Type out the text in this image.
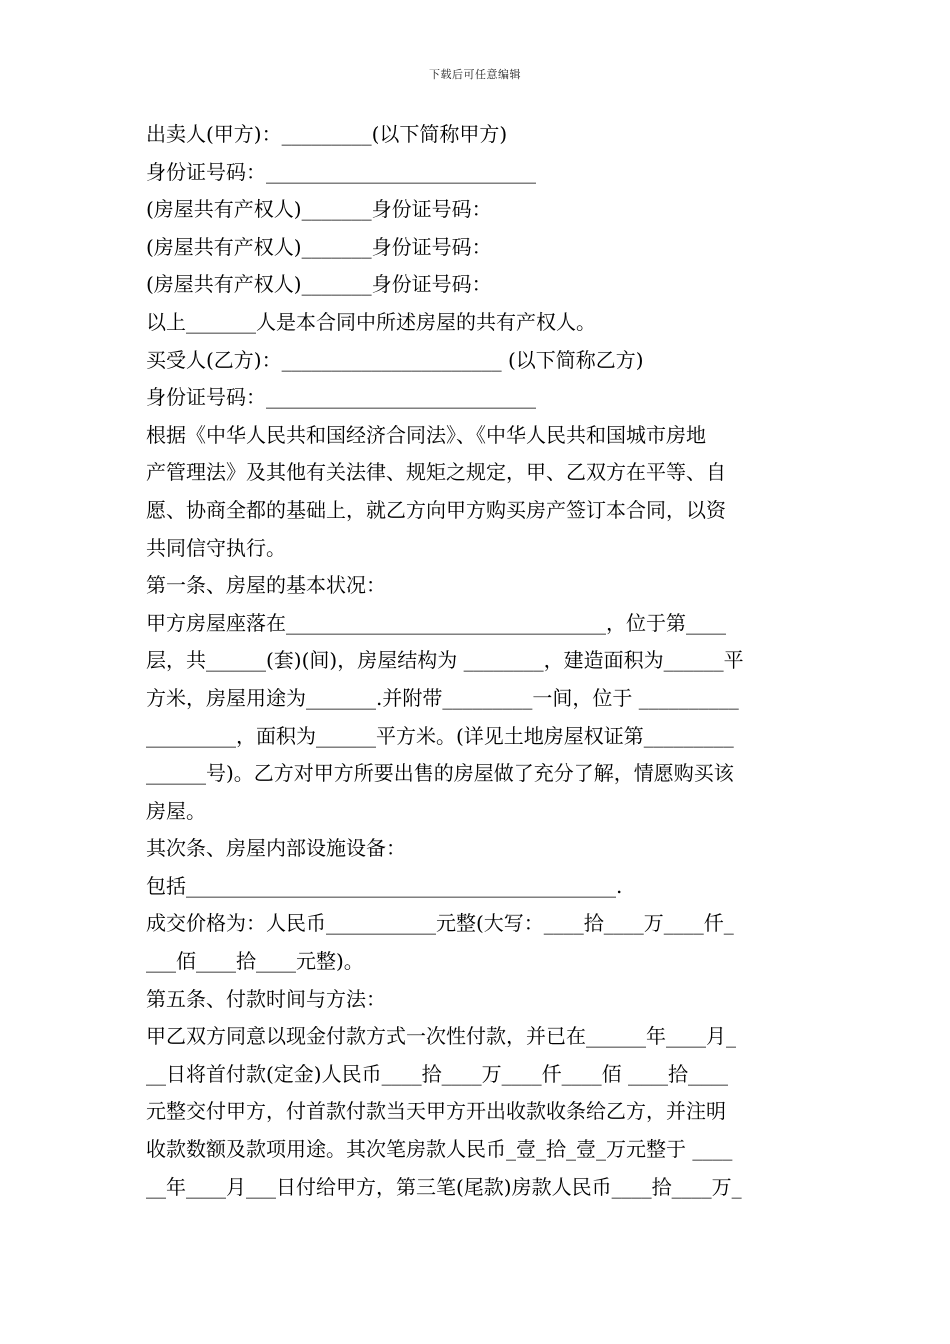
下载后可任意编辑
出卖人(甲方)：_________(以下简称甲方)
身份证号码：___________________________
(房屋共有产权人)_______身份证号码：
(房屋共有产权人)_______身份证号码：
(房屋共有产权人)_______身份证号码：
以上_______人是本合同中所述房屋的共有产权人。
买受人(乙方)：______________________ (以下简称乙方)
身份证号码：___________________________
根据《中华人民共和国经济合同法》、《中华人民共和国城市房地
产管理法》及其他有关法律、规矩之规定，甲、乙双方在平等、自
愿、协商全都的基础上，就乙方向甲方购买房产签订本合同，以资
共同信守执行。
第一条、房屋的基本状况：
甲方房屋座落在________________________________，位于第____
层，共______(套)(间)，房屋结构为 ________，建造面积为______平
方米，房屋用途为_______.并附带_________一间，位于 __________
_________，面积为______平方米。(详见土地房屋权证第_________
______号)。乙方对甲方所要出售的房屋做了充分了解，情愿购买该
房屋。
其次条、房屋内部设施设备：
包括___________________________________________.
成交价格为：人民币___________元整(大写：____拾____万____仟_
___佰____拾____元整)。
第五条、付款时间与方法：
甲乙双方同意以现金付款方式一次性付款，并已在______年____月_
__日将首付款(定金)人民币____拾____万____仟____佰 ____拾____
元整交付甲方，付首款付款当天甲方开出收款收条给乙方，并注明
收款数额及款项用途。其次笔房款人民币_壹_拾_壹_万元整于 ____
__年____月___日付给甲方，第三笔(尾款)房款人民币____拾____万_
